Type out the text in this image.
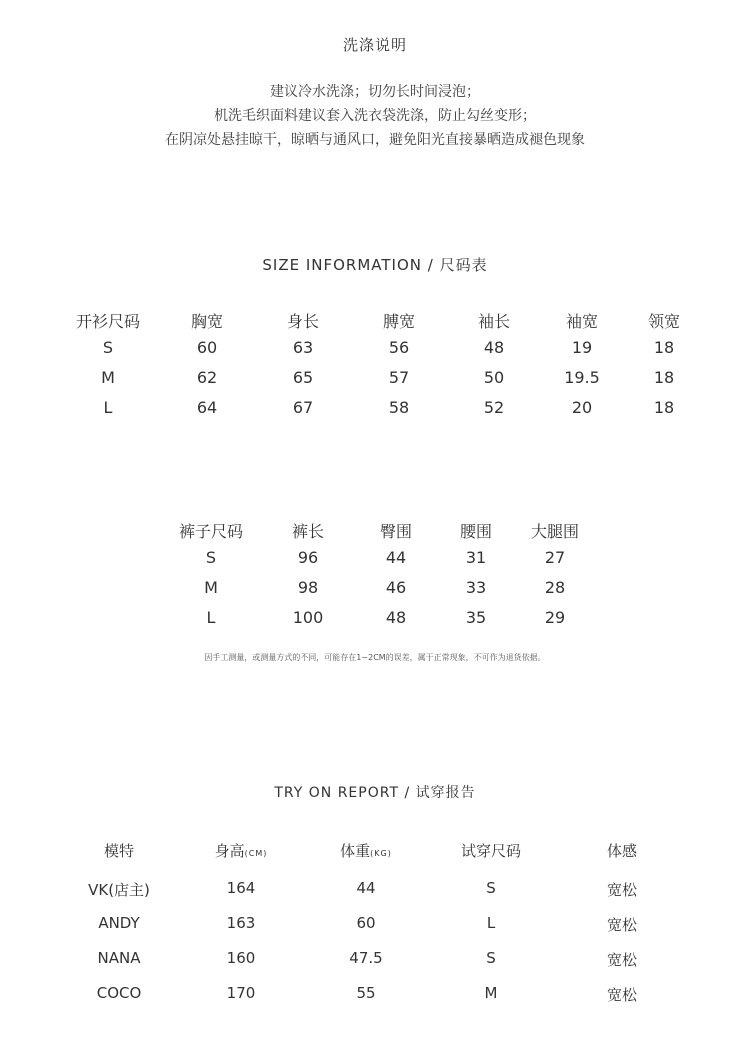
洗涤说明
建议冷水洗涤；切勿长时间浸泡；
机洗毛织面料建议套入洗衣袋洗涤，防止勾丝变形；
在阴凉处悬挂晾干，晾晒与通风口，避免阳光直接暴晒造成褪色现象
SIZE INFORMATION / 尺码表
开衫尺码	胸宽	身长	膊宽	袖长	袖宽	领宽
S	60	63	56	48	19	18
M	62	65	57	50	19.5	18
L	64	67	58	52	20	18
裤子尺码	裤长	臀围	腰围	大腿围
S	96	44	31	27
M	98	46	33	28
L	100	48	35	29
因手工测量，或测量方式的不同，可能存在1~2CM的误差，属于正常现象，不可作为退货依据。
TRY ON REPORT / 试穿报告
模特	身高(CM)	体重(KG)	试穿尺码	体感
VK(店主)	164	44	S	宽松
ANDY	163	60	L	宽松
NANA	160	47.5	S	宽松
COCO	170	55	M	宽松
